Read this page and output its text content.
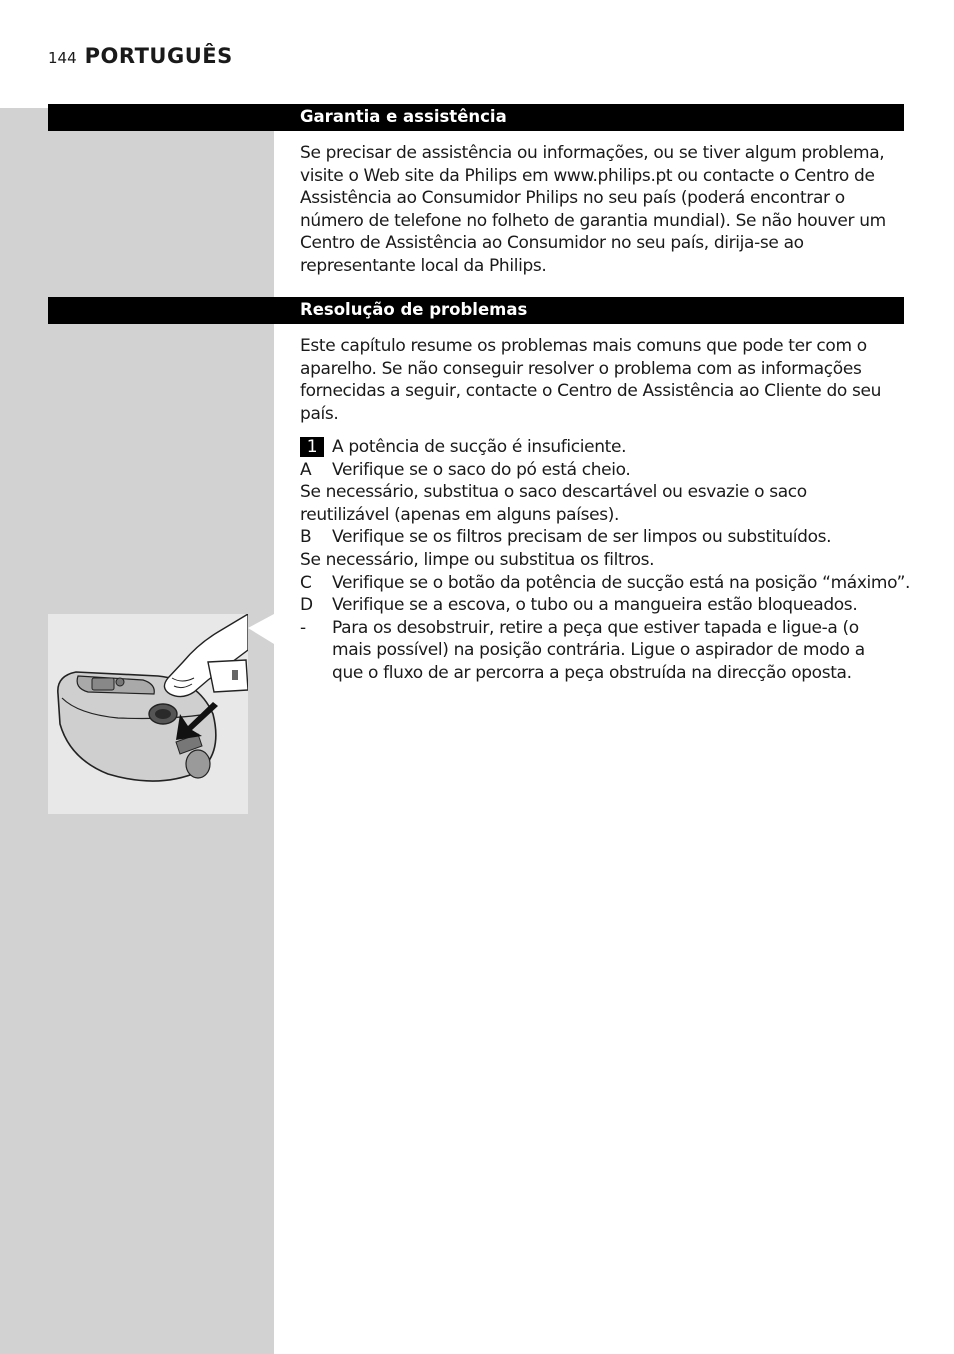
144 PORTUGUÊS
Garantia e assistência

Se precisar de assistência ou informações, ou se tiver algum problema, visite o Web site da Philips em www.philips.pt ou contacte o Centro de Assistência ao Consumidor Philips no seu país (poderá encontrar o número de telefone no folheto de garantia mundial). Se não houver um Centro de Assistência ao Consumidor no seu país, dirija-se ao representante local da Philips.

Resolução de problemas

Este capítulo resume os problemas mais comuns que pode ter com o aparelho. Se não conseguir resolver o problema com as informações fornecidas a seguir, contacte o Centro de Assistência ao Cliente do seu país.

1 A potência de sucção é insuficiente.
A	Verifique se o saco do pó está cheio.
Se necessário, substitua o saco descartável ou esvazie o saco reutilizável (apenas em alguns países).
B	Verifique se os filtros precisam de ser limpos ou substituídos.
Se necessário, limpe ou substitua os filtros.
C	Verifique se o botão da potência de sucção está na posição “máximo”.
D	Verifique se a escova, o tubo ou a mangueira estão bloqueados.
-	Para os desobstruir, retire a peça que estiver tapada e ligue-a (o mais possível) na posição contrária. Ligue o aspirador de modo a que o fluxo de ar percorra a peça obstruída na direcção oposta.
